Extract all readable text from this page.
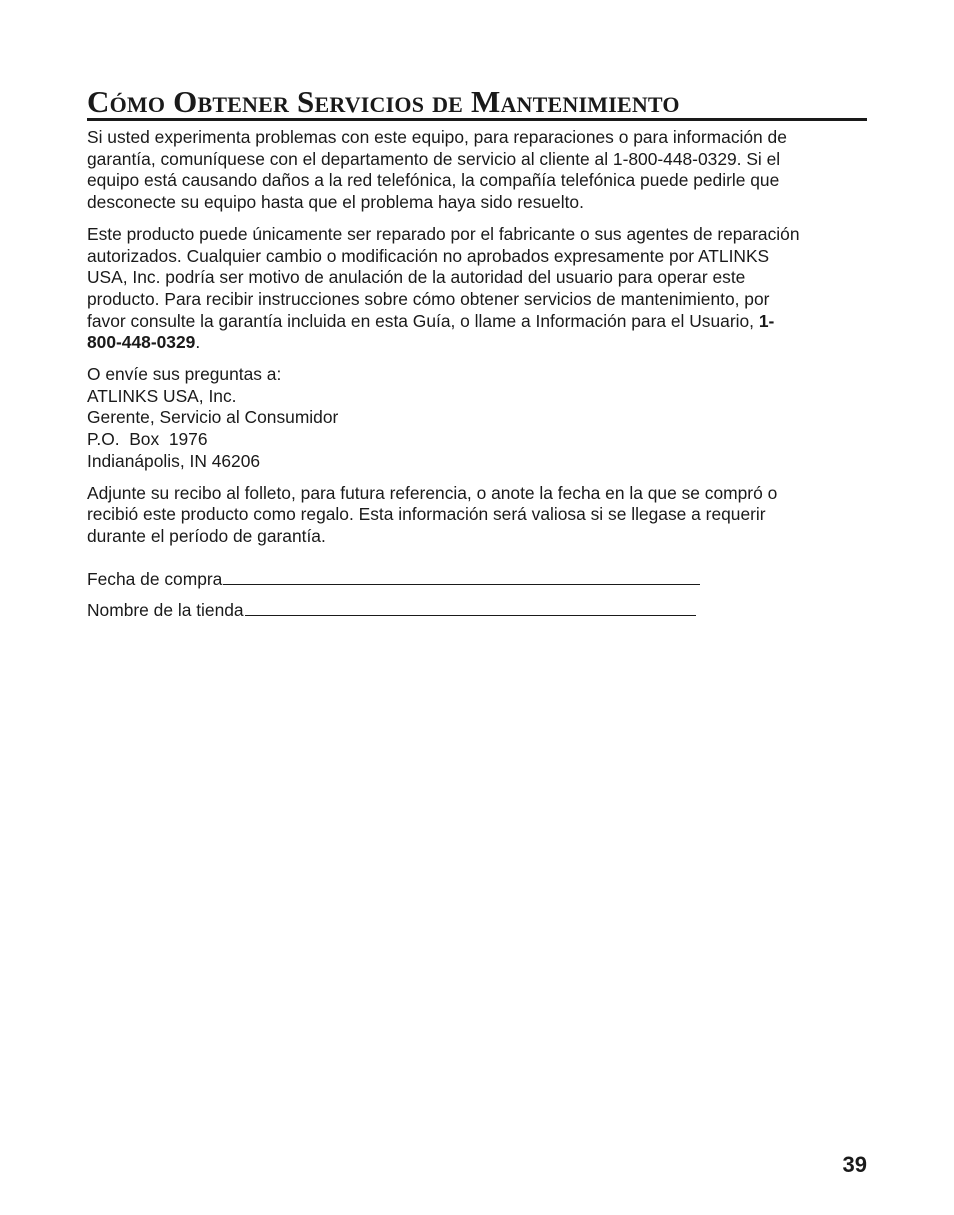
Cómo Obtener Servicios de Mantenimiento

Si usted experimenta problemas con este equipo, para reparaciones o para información de
garantía, comuníquese con el departamento de servicio al cliente al 1-800-448-0329. Si el
equipo está causando daños a la red telefónica, la compañía telefónica puede pedirle que
desconecte su equipo hasta que el problema haya sido resuelto.

Este producto puede únicamente ser reparado por el fabricante o sus agentes de reparación
autorizados. Cualquier cambio o modificación no aprobados expresamente por ATLINKS
USA, Inc. podría ser motivo de anulación de la autoridad del usuario para operar este
producto. Para recibir instrucciones sobre cómo obtener servicios de mantenimiento, por
favor consulte la garantía incluida en esta Guía, o llame a Información para el Usuario, 1-
800-448-0329.

O envíe sus preguntas a:
ATLINKS USA, Inc.
Gerente, Servicio al Consumidor
P.O.  Box  1976
Indianápolis, IN 46206

Adjunte su recibo al folleto, para futura referencia, o anote la fecha en la que se compró o
recibió este producto como regalo. Esta información será valiosa si se llegase a requerir
durante el período de garantía.

Fecha de compra
Nombre de la tienda
39
